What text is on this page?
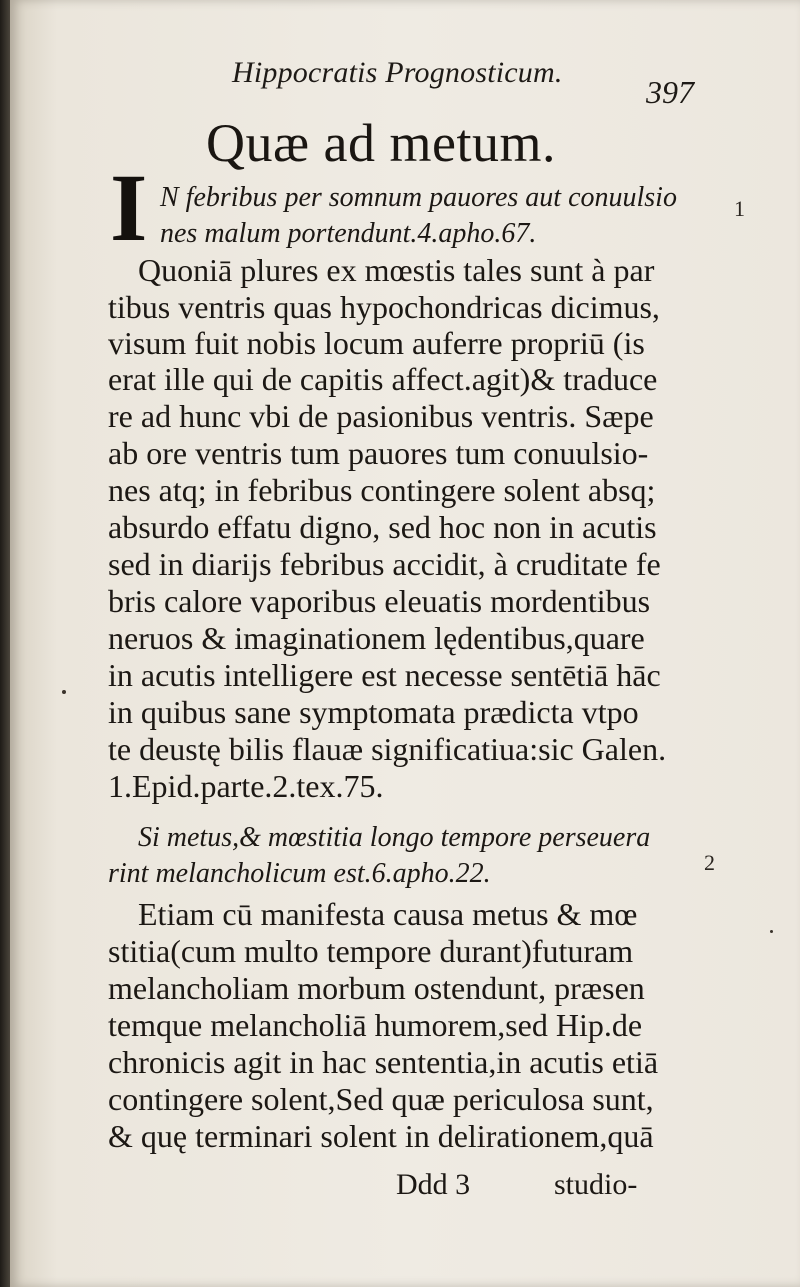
Hippocratis Prognosticum.
397
Quæ ad metum.
I	1
2
N febribus per somnum pauores aut conuulsio
nes malum portendunt.4.apho.67.
Quoniā plures ex mœstis tales sunt à par
tibus ventris quas hypochondricas dicimus,
visum fuit nobis locum auferre propriū (is
erat ille qui de capitis affect.agit)& traduce
re ad hunc vbi de pasionibus ventris. Sæpe
ab ore ventris tum pauores tum conuulsio-
nes atq; in febribus contingere solent absq;
absurdo effatu digno, sed hoc non in acutis
sed in diarijs febribus accidit, à cruditate fe
bris calore vaporibus eleuatis mordentibus
neruos & imaginationem lędentibus,quare
in acutis intelligere est necesse sentētiā hāc
in quibus sane symptomata prædicta vtpo
te deustę bilis flauæ significatiua:sic Galen.
1.Epid.parte.2.tex.75.
Si metus,& mœstitia longo tempore perseuera
rint melancholicum est.6.apho.22.
Etiam cū manifesta causa metus & mœ
stitia(cum multo tempore durant)futuram
melancholiam morbum ostendunt, præsen
temque melancholiā humorem,sed Hip.de
chronicis agit in hac sententia,in acutis etiā
contingere solent,Sed quæ periculosa sunt,
& quę terminari solent in delirationem,quā
Ddd 3	studio-
